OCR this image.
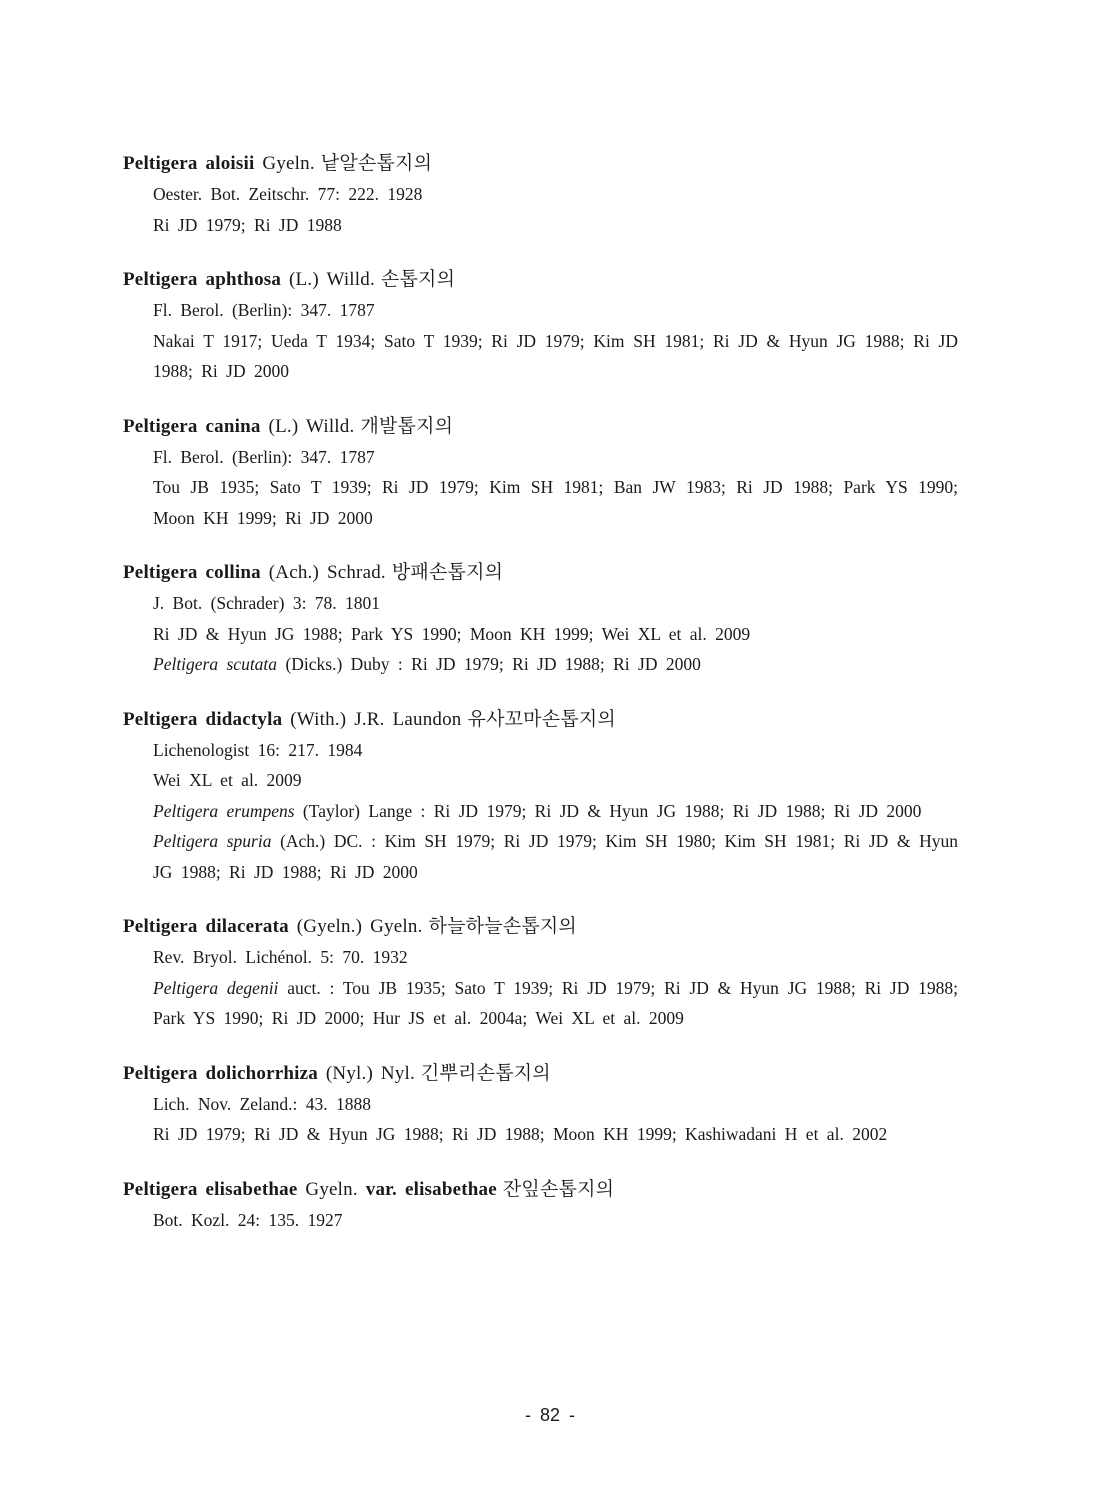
Peltigera aloisii Gyeln. 낱알손톱지의
Oester. Bot. Zeitschr. 77: 222. 1928
Ri JD 1979; Ri JD 1988
Peltigera aphthosa (L.) Willd. 손톱지의
Fl. Berol. (Berlin): 347. 1787
Nakai T 1917; Ueda T 1934; Sato T 1939; Ri JD 1979; Kim SH 1981; Ri JD & Hyun JG 1988; Ri JD 1988; Ri JD 2000
Peltigera canina (L.) Willd. 개발톱지의
Fl. Berol. (Berlin): 347. 1787
Tou JB 1935; Sato T 1939; Ri JD 1979; Kim SH 1981; Ban JW 1983; Ri JD 1988; Park YS 1990; Moon KH 1999; Ri JD 2000
Peltigera collina (Ach.) Schrad. 방패손톱지의
J. Bot. (Schrader) 3: 78. 1801
Ri JD & Hyun JG 1988; Park YS 1990; Moon KH 1999; Wei XL et al. 2009
Peltigera scutata (Dicks.) Duby : Ri JD 1979; Ri JD 1988; Ri JD 2000
Peltigera didactyla (With.) J.R. Laundon 유사꼬마손톱지의
Lichenologist 16: 217. 1984
Wei XL et al. 2009
Peltigera erumpens (Taylor) Lange : Ri JD 1979; Ri JD & Hyun JG 1988; Ri JD 1988; Ri JD 2000
Peltigera spuria (Ach.) DC. : Kim SH 1979; Ri JD 1979; Kim SH 1980; Kim SH 1981; Ri JD & Hyun JG 1988; Ri JD 1988; Ri JD 2000
Peltigera dilacerata (Gyeln.) Gyeln. 하늘하늘손톱지의
Rev. Bryol. Lichénol. 5: 70. 1932
Peltigera degenii auct. : Tou JB 1935; Sato T 1939; Ri JD 1979; Ri JD & Hyun JG 1988; Ri JD 1988; Park YS 1990; Ri JD 2000; Hur JS et al. 2004a; Wei XL et al. 2009
Peltigera dolichorrhiza (Nyl.) Nyl. 긴뿌리손톱지의
Lich. Nov. Zeland.: 43. 1888
Ri JD 1979; Ri JD & Hyun JG 1988; Ri JD 1988; Moon KH 1999; Kashiwadani H et al. 2002
Peltigera elisabethae Gyeln. var. elisabethae 잔잎손톱지의
Bot. Kozl. 24: 135. 1927
- 82 -
